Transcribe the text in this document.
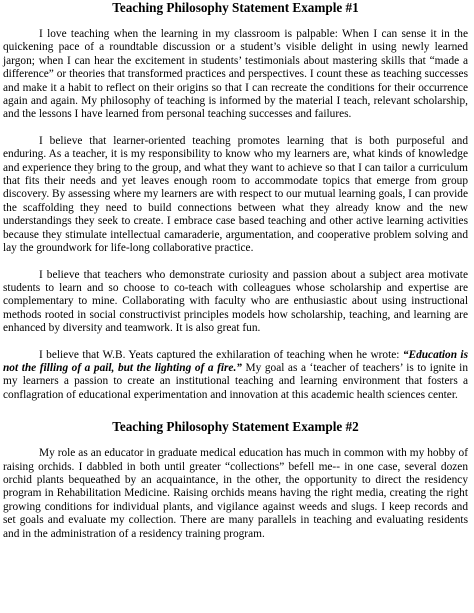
Teaching Philosophy Statement Example #1

I love teaching when the learning in my classroom is palpable: When I can sense it in the quickening pace of a roundtable discussion or a student’s visible delight in using newly learned jargon; when I can hear the excitement in students’ testimonials about mastering skills that “made a difference” or theories that transformed practices and perspectives. I count these as teaching successes and make it a habit to reflect on their origins so that I can recreate the conditions for their occurrence again and again. My philosophy of teaching is informed by the material I teach, relevant scholarship, and the lessons I have learned from personal teaching successes and failures.

I believe that learner-oriented teaching promotes learning that is both purposeful and enduring. As a teacher, it is my responsibility to know who my learners are, what kinds of knowledge and experience they bring to the group, and what they want to achieve so that I can tailor a curriculum that fits their needs and yet leaves enough room to accommodate topics that emerge from group discovery. By assessing where my learners are with respect to our mutual learning goals, I can provide the scaffolding they need to build connections between what they already know and the new understandings they seek to create. I embrace case based teaching and other active learning activities because they stimulate intellectual camaraderie, argumentation, and cooperative problem solving and lay the groundwork for life-long collaborative practice.

I believe that teachers who demonstrate curiosity and passion about a subject area motivate students to learn and so choose to co-teach with colleagues whose scholarship and expertise are complementary to mine. Collaborating with faculty who are enthusiastic about using instructional methods rooted in social constructivist principles models how scholarship, teaching, and learning are enhanced by diversity and teamwork. It is also great fun.

I believe that W.B. Yeats captured the exhilaration of teaching when he wrote: “Education is not the filling of a pail, but the lighting of a fire.” My goal as a ‘teacher of teachers’ is to ignite in my learners a passion to create an institutional teaching and learning environment that fosters a conflagration of educational experimentation and innovation at this academic health sciences center.

Teaching Philosophy Statement Example #2

My role as an educator in graduate medical education has much in common with my hobby of raising orchids. I dabbled in both until greater “collections” befell me-- in one case, several dozen orchid plants bequeathed by an acquaintance, in the other, the opportunity to direct the residency program in Rehabilitation Medicine. Raising orchids means having the right media, creating the right growing conditions for individual plants, and vigilance against weeds and slugs. I keep records and set goals and evaluate my collection. There are many parallels in teaching and evaluating residents and in the administration of a residency training program.
